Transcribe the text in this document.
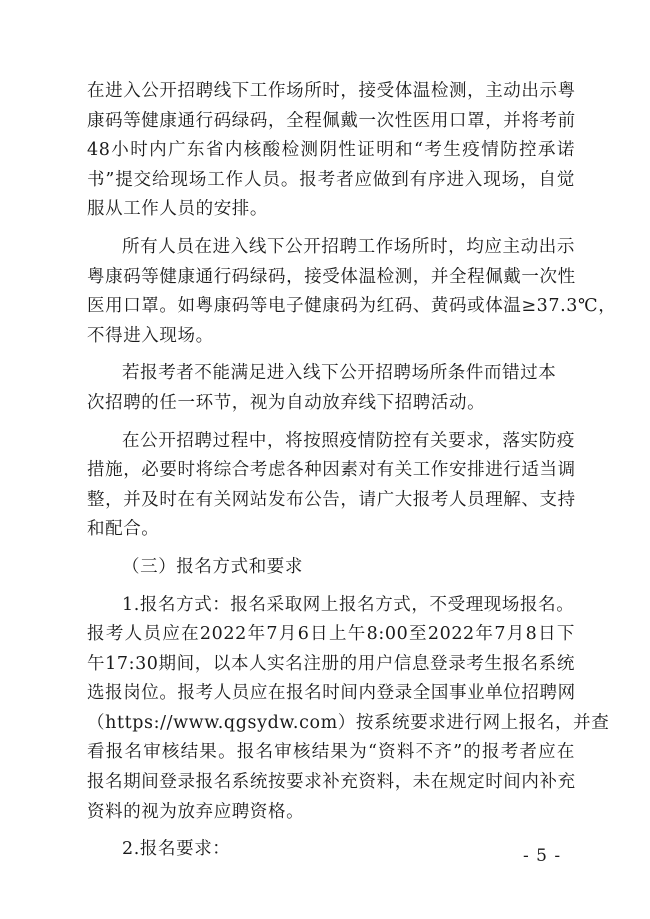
在进入公开招聘线下工作场所时，接受体温检测，主动出示粤
康码等健康通行码绿码，全程佩戴一次性医用口罩，并将考前
48小时内广东省内核酸检测阴性证明和“考生疫情防控承诺
书”提交给现场工作人员。报考者应做到有序进入现场，自觉
服从工作人员的安排。
所有人员在进入线下公开招聘工作场所时，均应主动出示
粤康码等健康通行码绿码，接受体温检测，并全程佩戴一次性
医用口罩。如粤康码等电子健康码为红码、黄码或体温≥37.3℃，
不得进入现场。
若报考者不能满足进入线下公开招聘场所条件而错过本
次招聘的任一环节，视为自动放弃线下招聘活动。
在公开招聘过程中，将按照疫情防控有关要求，落实防疫
措施，必要时将综合考虑各种因素对有关工作安排进行适当调
整，并及时在有关网站发布公告，请广大报考人员理解、支持
和配合。
（三）报名方式和要求
1.报名方式：报名采取网上报名方式，不受理现场报名。
报考人员应在2022年7月6日上午8:00至2022年7月8日下
午17:30期间，以本人实名注册的用户信息登录考生报名系统
选报岗位。报考人员应在报名时间内登录全国事业单位招聘网
（https://www.qgsydw.com）按系统要求进行网上报名，并查
看报名审核结果。报名审核结果为“资料不齐”的报考者应在
报名期间登录报名系统按要求补充资料，未在规定时间内补充
资料的视为放弃应聘资格。
2.报名要求：	- 5 -
